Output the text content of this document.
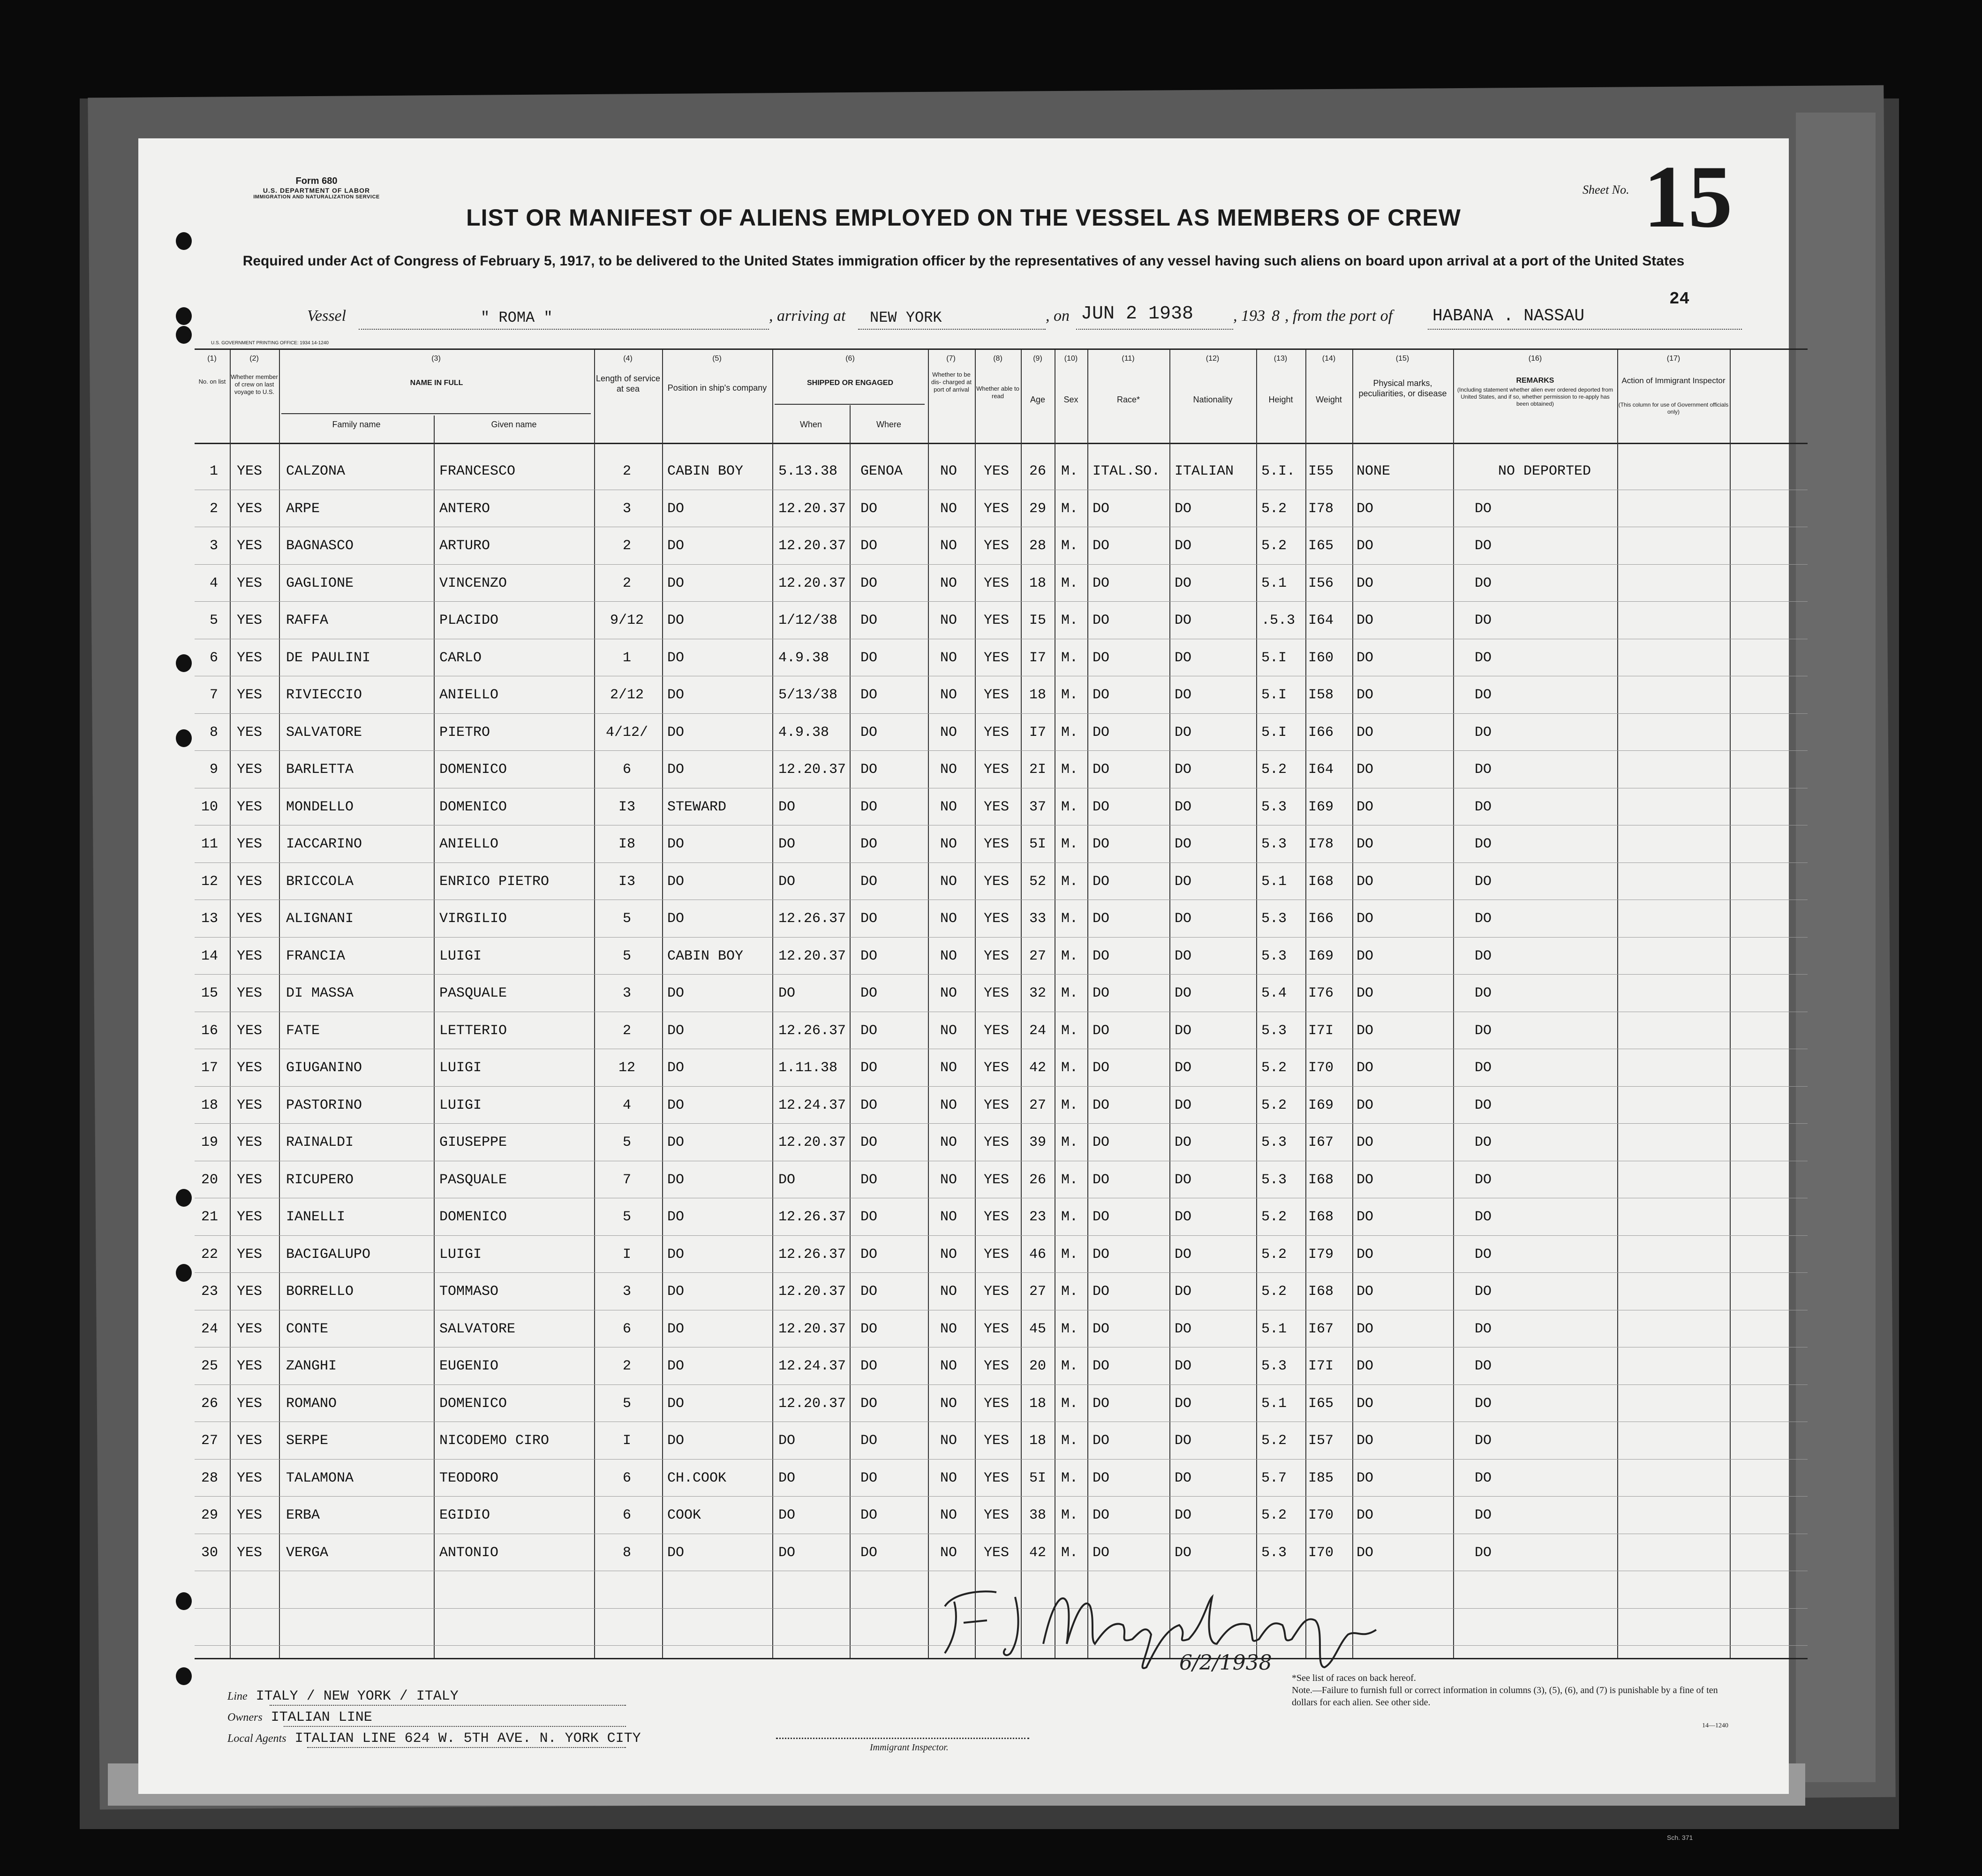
Form 680
U.S. DEPARTMENT OF LABOR
IMMIGRATION AND NATURALIZATION SERVICE
Sheet No. 15
LIST OR MANIFEST OF ALIENS EMPLOYED ON THE VESSEL AS MEMBERS OF CREW
Required under Act of Congress of February 5, 1917, to be delivered to the United States immigration officer by the representatives of any vessel having such aliens on board upon arrival at a port of the United States
Vessel	" ROMA "	, arriving at NEW YORK	, on JUN 2 1938 , 193 8 , from the port of HABANA . NASSAU
24
U.S. GOVERNMENT PRINTING OFFICE: 1934 14-1240
No. on list
Whether member of crew on last voyage to U.S.
NAME IN FULL
Family name	Given name
Length of service at sea	Position in ship's company
SHIPPED OR ENGAGED
When	Where
Whether to be dis- charged at port of arrival	Whether able to read	Age	Sex	Race*	Nationality	Height	Weight
Physical marks, peculiarities, or disease
REMARKS
(Including statement whether alien ever ordered deported from United States, and if so, whether permission to re-apply has been obtained)
Action of Immigrant Inspector
(This column for use of Government officials only)
(1)	(2)	(3)	(4)	(5)	(6)	(7)	(8)	(9)	(10)	(11)	(12)	(13)	(14)	(15)	(16)	(17)
1 YES CALZONA	FRANCESCO	2	CABIN BOY 5.13.38 GENOA	NO YES 26 M. ITAL.SO. ITALIAN 5.I. I55 NONE	NO DEPORTED
2 YES ARPE	ANTERO	3	DO	12.20.37 DO	NO YES 29 M. DO	DO	5.2 I78 DO	DO
3 YES BAGNASCO	ARTURO	2	DO	12.20.37 DO	NO YES 28 M. DO	DO	5.2 I65 DO	DO
4 YES GAGLIONE	VINCENZO	2	DO	12.20.37 DO	NO YES 18 M. DO	DO	5.1 I56 DO	DO
5 YES RAFFA	PLACIDO	9/12	DO	1/12/38 DO	NO YES I5 M. DO	DO	.5.3 I64 DO	DO
6 YES DE PAULINI	CARLO	1	DO	4.9.38 DO	NO YES I7 M. DO	DO	5.I I60 DO	DO
7 YES RIVIECCIO	ANIELLO	2/12	DO	5/13/38 DO	NO YES 18 M. DO	DO	5.I I58 DO	DO
8 YES SALVATORE	PIETRO	4/12/	DO	4.9.38 DO	NO YES I7 M. DO	DO	5.I I66 DO	DO
9 YES BARLETTA	DOMENICO	6	DO	12.20.37 DO	NO YES 2I M. DO	DO	5.2 I64 DO	DO
10 YES MONDELLO	DOMENICO	I3	STEWARD	DO	DO	NO YES 37 M. DO	DO	5.3 I69 DO	DO
11 YES IACCARINO	ANIELLO	I8	DO	DO	DO	NO YES 5I M. DO	DO	5.3 I78 DO	DO
12 YES BRICCOLA	ENRICO PIETRO	I3	DO	DO	DO	NO YES 52 M. DO	DO	5.1 I68 DO	DO
13 YES ALIGNANI	VIRGILIO	5	DO	12.26.37 DO	NO YES 33 M. DO	DO	5.3 I66 DO	DO
14 YES FRANCIA	LUIGI	5	CABIN BOY 12.20.37 DO	NO YES 27 M. DO	DO	5.3 I69 DO	DO
15 YES DI MASSA	PASQUALE	3	DO	DO	DO	NO YES 32 M. DO	DO	5.4 I76 DO	DO
16 YES FATE	LETTERIO	2	DO	12.26.37 DO	NO YES 24 M. DO	DO	5.3 I7I DO	DO
17 YES GIUGANINO	LUIGI	12	DO	1.11.38 DO	NO YES 42 M. DO	DO	5.2 I70 DO	DO
18 YES PASTORINO	LUIGI	4	DO	12.24.37 DO	NO YES 27 M. DO	DO	5.2 I69 DO	DO
19 YES RAINALDI	GIUSEPPE	5	DO	12.20.37 DO	NO YES 39 M. DO	DO	5.3 I67 DO	DO
20 YES RICUPERO	PASQUALE	7	DO	DO	DO	NO YES 26 M. DO	DO	5.3 I68 DO	DO
21 YES IANELLI	DOMENICO	5	DO	12.26.37 DO	NO YES 23 M. DO	DO	5.2 I68 DO	DO
22 YES BACIGALUPO	LUIGI	I	DO	12.26.37 DO	NO YES 46 M. DO	DO	5.2 I79 DO	DO
23 YES BORRELLO	TOMMASO	3	DO	12.20.37 DO	NO YES 27 M. DO	DO	5.2 I68 DO	DO
24 YES CONTE	SALVATORE	6	DO	12.20.37 DO	NO YES 45 M. DO	DO	5.1 I67 DO	DO
25 YES ZANGHI	EUGENIO	2	DO	12.24.37 DO	NO YES 20 M. DO	DO	5.3 I7I DO	DO
26 YES ROMANO	DOMENICO	5	DO	12.20.37 DO	NO YES 18 M. DO	DO	5.1 I65 DO	DO
27 YES SERPE	NICODEMO CIRO	I	DO	DO	DO	NO YES 18 M. DO	DO	5.2 I57 DO	DO
28 YES TALAMONA	TEODORO	6	CH.COOK	DO	DO	NO YES 5I M. DO	DO	5.7 I85 DO	DO
29 YES ERBA	EGIDIO	6	COOK	DO	DO	NO YES 38 M. DO	DO	5.2 I70 DO	DO
30 YES VERGA	ANTONIO	8	DO	DO	DO	NO YES 42 M. DO	DO	5.3 I70 DO	DO
Line ITALY / NEW YORK / ITALY
Owners ITALIAN LINE
Local Agents ITALIAN LINE 624 W. 5TH AVE. N. YORK CITY
Immigrant Inspector.
6/2/1938
*See list of races on back hereof.
Note.—Failure to furnish full or correct information in columns (3), (5), (6), and (7) is punishable by a fine of ten dollars for each alien. See other side.
14—1240
Sch. 371
